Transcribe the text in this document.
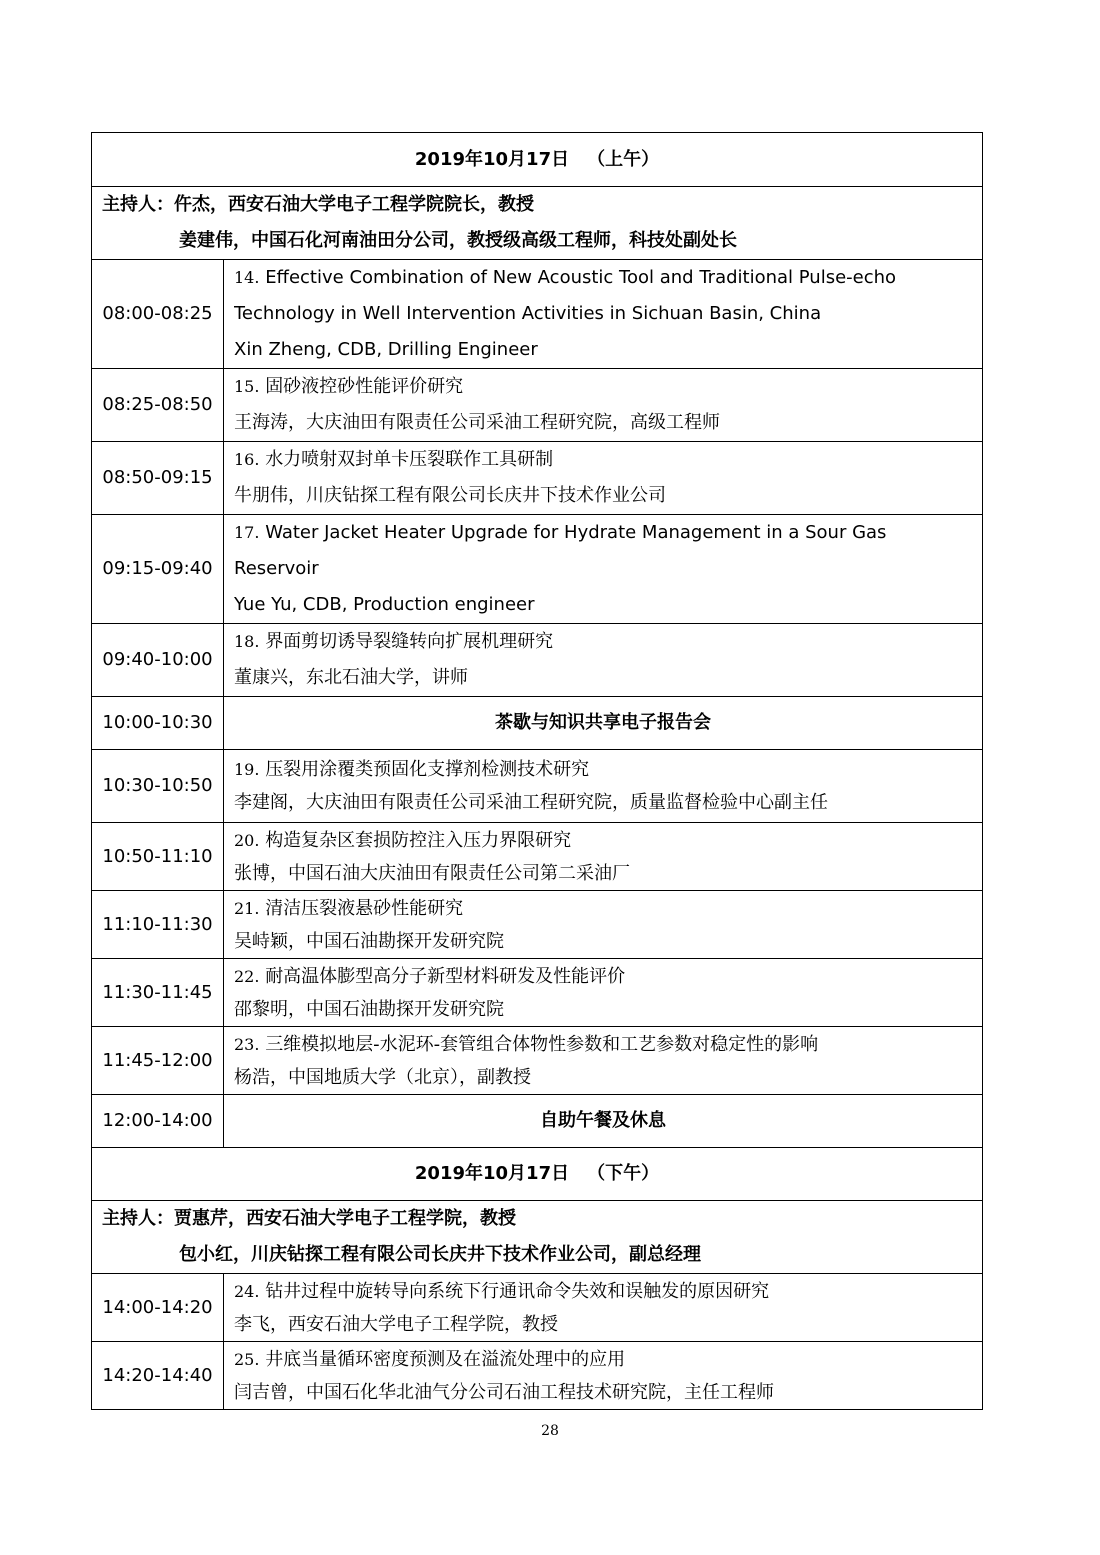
2019年10月17日 （上午）	

主持人：仵杰，西安石油大学电子工程学院院长，教授
姜建伟，中国石化河南油田分公司，教授级高级工程师，科技处副处长	

08:00-08:25	14. Effective Combination of New Acoustic Tool and Traditional Pulse-echo
Technology in Well Intervention Activities in Sichuan Basin, China
Xin Zheng, CDB, Drilling Engineer

08:25-08:50	15. 固砂液控砂性能评价研究
王海涛，大庆油田有限责任公司采油工程研究院，高级工程师

08:50-09:15	16. 水力喷射双封单卡压裂联作工具研制
牛朋伟，川庆钻探工程有限公司长庆井下技术作业公司

09:15-09:40	17. Water Jacket Heater Upgrade for Hydrate Management in a Sour Gas
Reservoir
Yue Yu, CDB, Production engineer

09:40-10:00	18. 界面剪切诱导裂缝转向扩展机理研究
董康兴，东北石油大学，讲师

10:00-10:30	茶歇与知识共享电子报告会
10:30-10:50	19. 压裂用涂覆类预固化支撑剂检测技术研究
李建阁，大庆油田有限责任公司采油工程研究院，质量监督检验中心副主任

10:50-11:10	20. 构造复杂区套损防控注入压力界限研究
张博，中国石油大庆油田有限责任公司第二采油厂

11:10-11:30	21. 清洁压裂液悬砂性能研究
吴峙颖，中国石油勘探开发研究院

11:30-11:45	22. 耐高温体膨型高分子新型材料研发及性能评价
邵黎明，中国石油勘探开发研究院

11:45-12:00	23. 三维模拟地层-水泥环-套管组合体物性参数和工艺参数对稳定性的影响
杨浩，中国地质大学（北京），副教授

12:00-14:00	自助午餐及休息
2019年10月17日 （下午）	

主持人：贾惠芹，西安石油大学电子工程学院，教授
包小红，川庆钻探工程有限公司长庆井下技术作业公司，副总经理	

14:00-14:20	24. 钻井过程中旋转导向系统下行通讯命令失效和误触发的原因研究
李飞，西安石油大学电子工程学院，教授

14:20-14:40	25. 井底当量循环密度预测及在溢流处理中的应用
闫吉曾，中国石化华北油气分公司石油工程技术研究院，主任工程师
28
